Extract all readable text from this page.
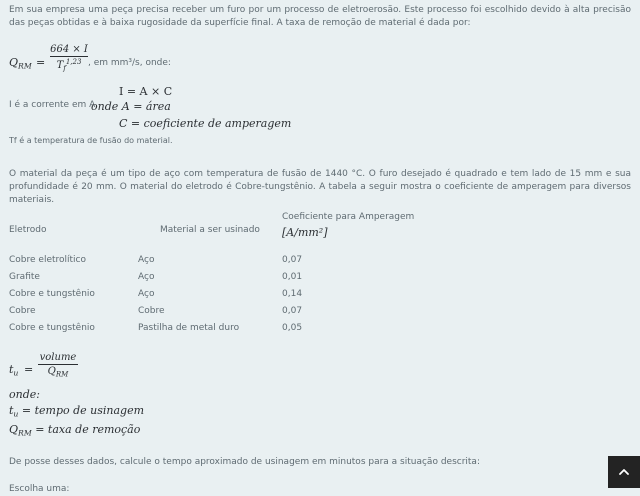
Em sua empresa uma peça precisa receber um furo por um processo de eletroerosão. Este processo foi escolhido devido à alta precisão das peças obtidas e à baixa rugosidade da superfície final. A taxa de remoção de material é dada por:
$Q_{RM}$ =
664 × I
$T_f^{1,23}$ , em mm³/s, onde:
I = A × C
I é a corrente em A
onde A = área
C = coeficiente de amperagem
Tf é a temperatura de fusão do material.
O material da peça é um tipo de aço com temperatura de fusão de 1440 °C. O furo desejado é quadrado e tem lado de 15 mm e sua profundidade é 20 mm. O material do eletrodo é Cobre-tungstênio. A tabela a seguir mostra o coeficiente de amperagem para diversos materiais.
Eletrodo	Material a ser usinado
Coeficiente para Amperagem
[A/mm²]
Cobre eletrolítico	Aço	0,07
Grafite	Aço	0,01
Cobre e tungstênio	Aço	0,14
Cobre	Cobre	0,07
Cobre e tungstênio	Pastilha de metal duro	0,05
$t_u$ =
volume
$Q_{RM}$
onde:
$t_u$ = tempo de usinagem
$Q_{RM}$ = taxa de remoção
De posse desses dados, calcule o tempo aproximado de usinagem em minutos para a situação descrita:
Escolha uma:
